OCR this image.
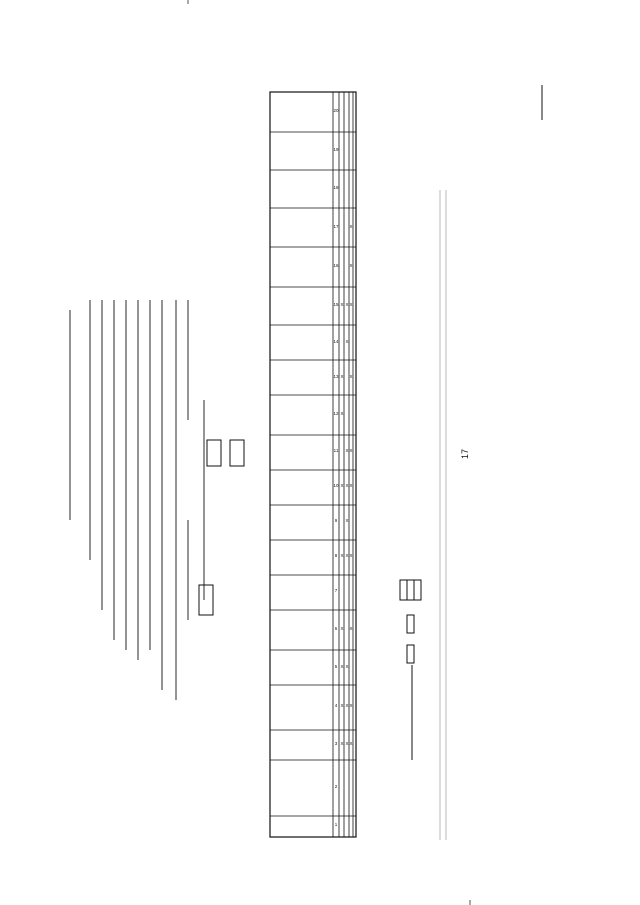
17
1
2
3
4
5
6
7
8
9
10
11
12
13
14
15
16
17
18
19
20
X
X
X
X
X
X
X
X
X
X
X
X
X
X
X
X
X
X
X
X
X
X
X
X
X
X
X
X
